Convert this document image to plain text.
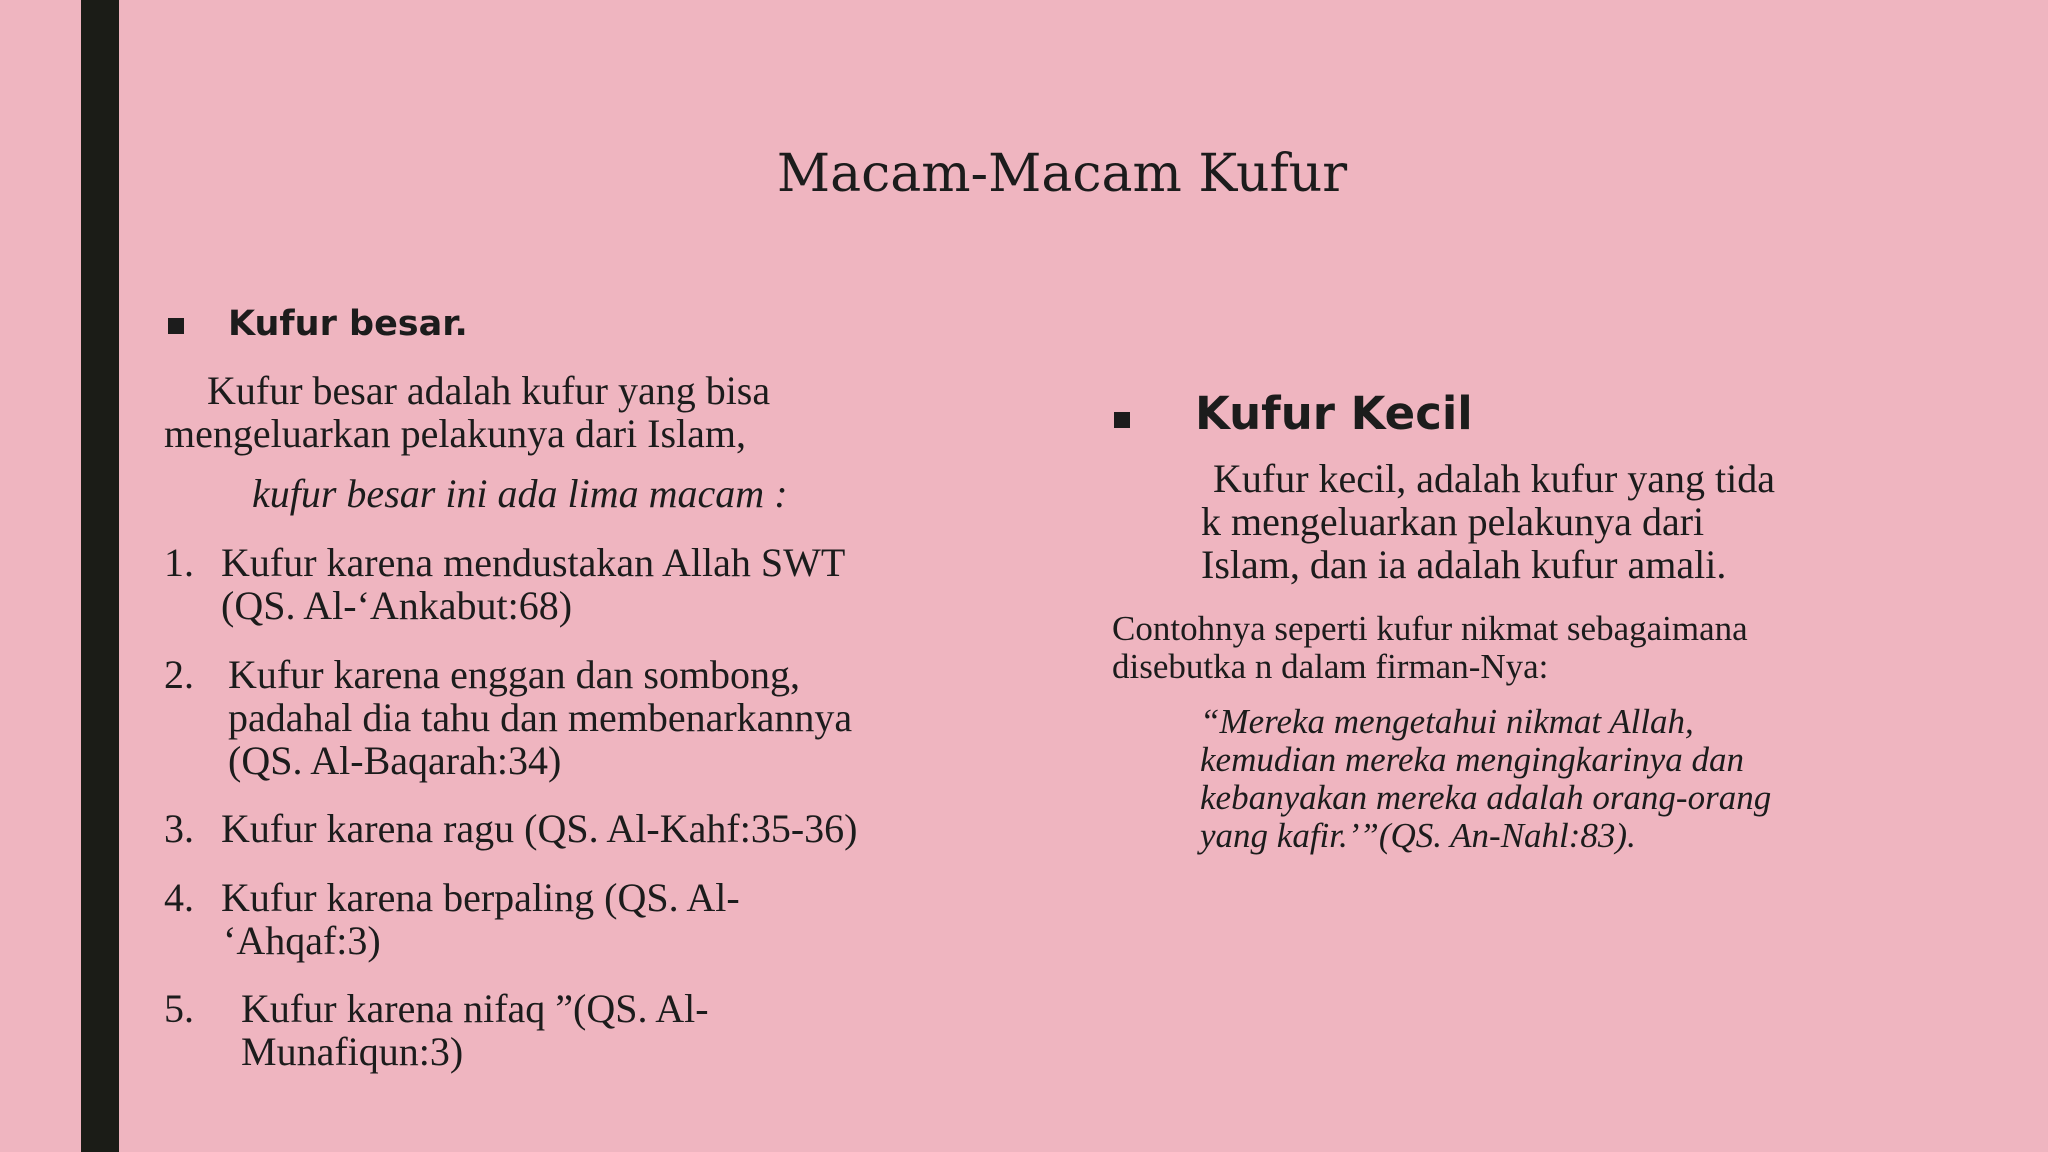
Macam-Macam Kufur
Kufur besar.
Kufur besar adalah kufur yang bisa
mengeluarkan pelakunya dari Islam,
kufur besar ini ada lima macam :
1. Kufur karena mendustakan Allah SWT
(QS. Al-‘Ankabut:68)
2. Kufur karena enggan dan sombong,
padahal dia tahu dan membenarkannya
(QS. Al-Baqarah:34)
3. Kufur karena ragu (QS. Al-Kahf:35-36)
4. Kufur karena berpaling (QS. Al-
‘Ahqaf:3)
5. Kufur karena nifaq ”(QS. Al-
Munafiqun:3)
Kufur Kecil
Kufur kecil, adalah kufur yang tida
k mengeluarkan pelakunya dari
Islam, dan ia adalah kufur amali.
Contohnya seperti kufur nikmat sebagaimana
disebutka n dalam firman-Nya:
“Mereka mengetahui nikmat Allah,
kemudian mereka mengingkarinya dan
kebanyakan mereka adalah orang-orang
yang kafir.’”(QS. An-Nahl:83).
